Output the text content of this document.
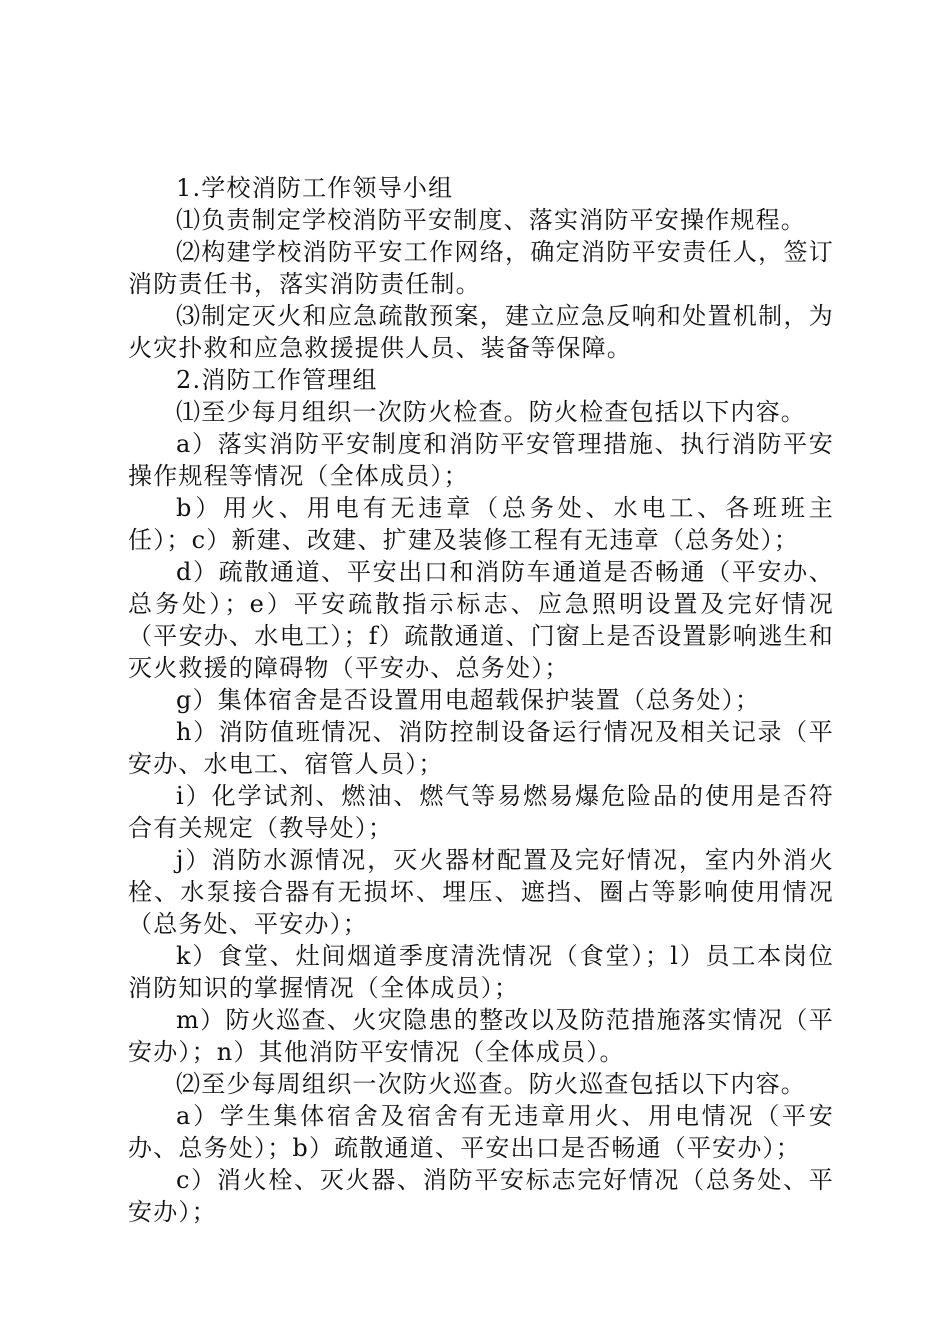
1.学校消防工作领导小组

⑴负责制定学校消防平安制度、落实消防平安操作规程。

⑵构建学校消防平安工作网络，确定消防平安责任人，签订消防责任书，落实消防责任制。

⑶制定灭火和应急疏散预案，建立应急反响和处置机制，为火灾扑救和应急救援提供人员、装备等保障。

2.消防工作管理组

⑴至少每月组织一次防火检查。防火检查包括以下内容。

a）落实消防平安制度和消防平安管理措施、执行消防平安操作规程等情况（全体成员）；

b）用火、用电有无违章（总务处、水电工、各班班主任）；c）新建、改建、扩建及装修工程有无违章（总务处）；

d）疏散通道、平安出口和消防车通道是否畅通（平安办、总务处）；e）平安疏散指示标志、应急照明设置及完好情况（平安办、水电工）；f）疏散通道、门窗上是否设置影响逃生和灭火救援的障碍物（平安办、总务处）；

g）集体宿舍是否设置用电超载保护装置（总务处）；

h）消防值班情况、消防控制设备运行情况及相关记录（平安办、水电工、宿管人员）；

i）化学试剂、燃油、燃气等易燃易爆危险品的使用是否符合有关规定（教导处）；

j）消防水源情况，灭火器材配置及完好情况，室内外消火栓、水泵接合器有无损坏、埋压、遮挡、圈占等影响使用情况（总务处、平安办）；

k）食堂、灶间烟道季度清洗情况（食堂）；l）员工本岗位消防知识的掌握情况（全体成员）；

m）防火巡查、火灾隐患的整改以及防范措施落实情况（平安办）；n）其他消防平安情况（全体成员）。

⑵至少每周组织一次防火巡查。防火巡查包括以下内容。

a）学生集体宿舍及宿舍有无违章用火、用电情况（平安办、总务处）；b）疏散通道、平安出口是否畅通（平安办）；

c）消火栓、灭火器、消防平安标志完好情况（总务处、平安办）；
